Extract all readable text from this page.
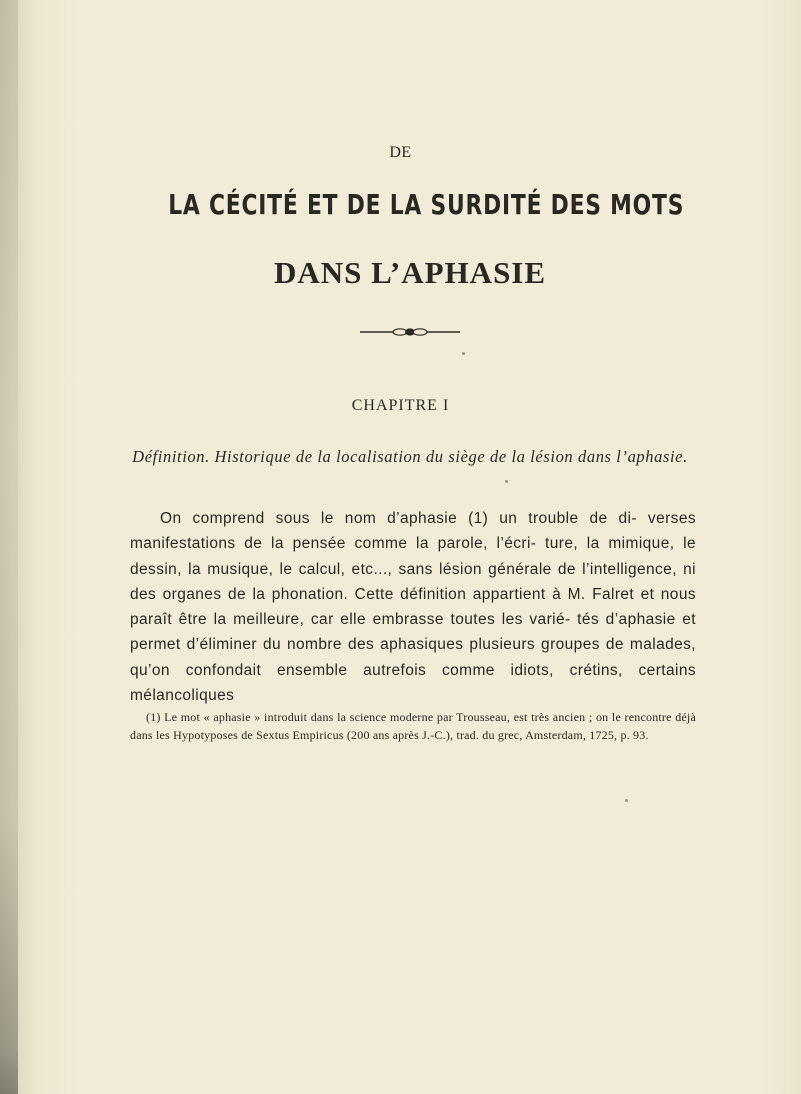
DE
LA CÉCITÉ ET DE LA SURDITÉ DES MOTS
DANS L’APHASIE
CHAPITRE I
Définition. Historique de la localisation du siège de la lésion dans l’aphasie.

On comprend sous le nom d’aphasie (1) un trouble de di- verses manifestations de la pensée comme la parole, l’écri- ture, la mimique, le dessin, la musique, le calcul, etc..., sans lésion générale de l’intelligence, ni des organes de la phonation. Cette définition appartient à M. Falret et nous paraît être la meilleure, car elle embrasse toutes les varié- tés d’aphasie et permet d’éliminer du nombre des aphasiques plusieurs groupes de malades, qu’on confondait ensemble autrefois comme idiots, crétins, certains mélancoliques

(1) Le mot « aphasie » introduit dans la science moderne par Trousseau, est très ancien ; on le rencontre déjà dans les Hypotyposes de Sextus Empiricus (200 ans après J.-C.), trad. du grec, Amsterdam, 1725, p. 93.
